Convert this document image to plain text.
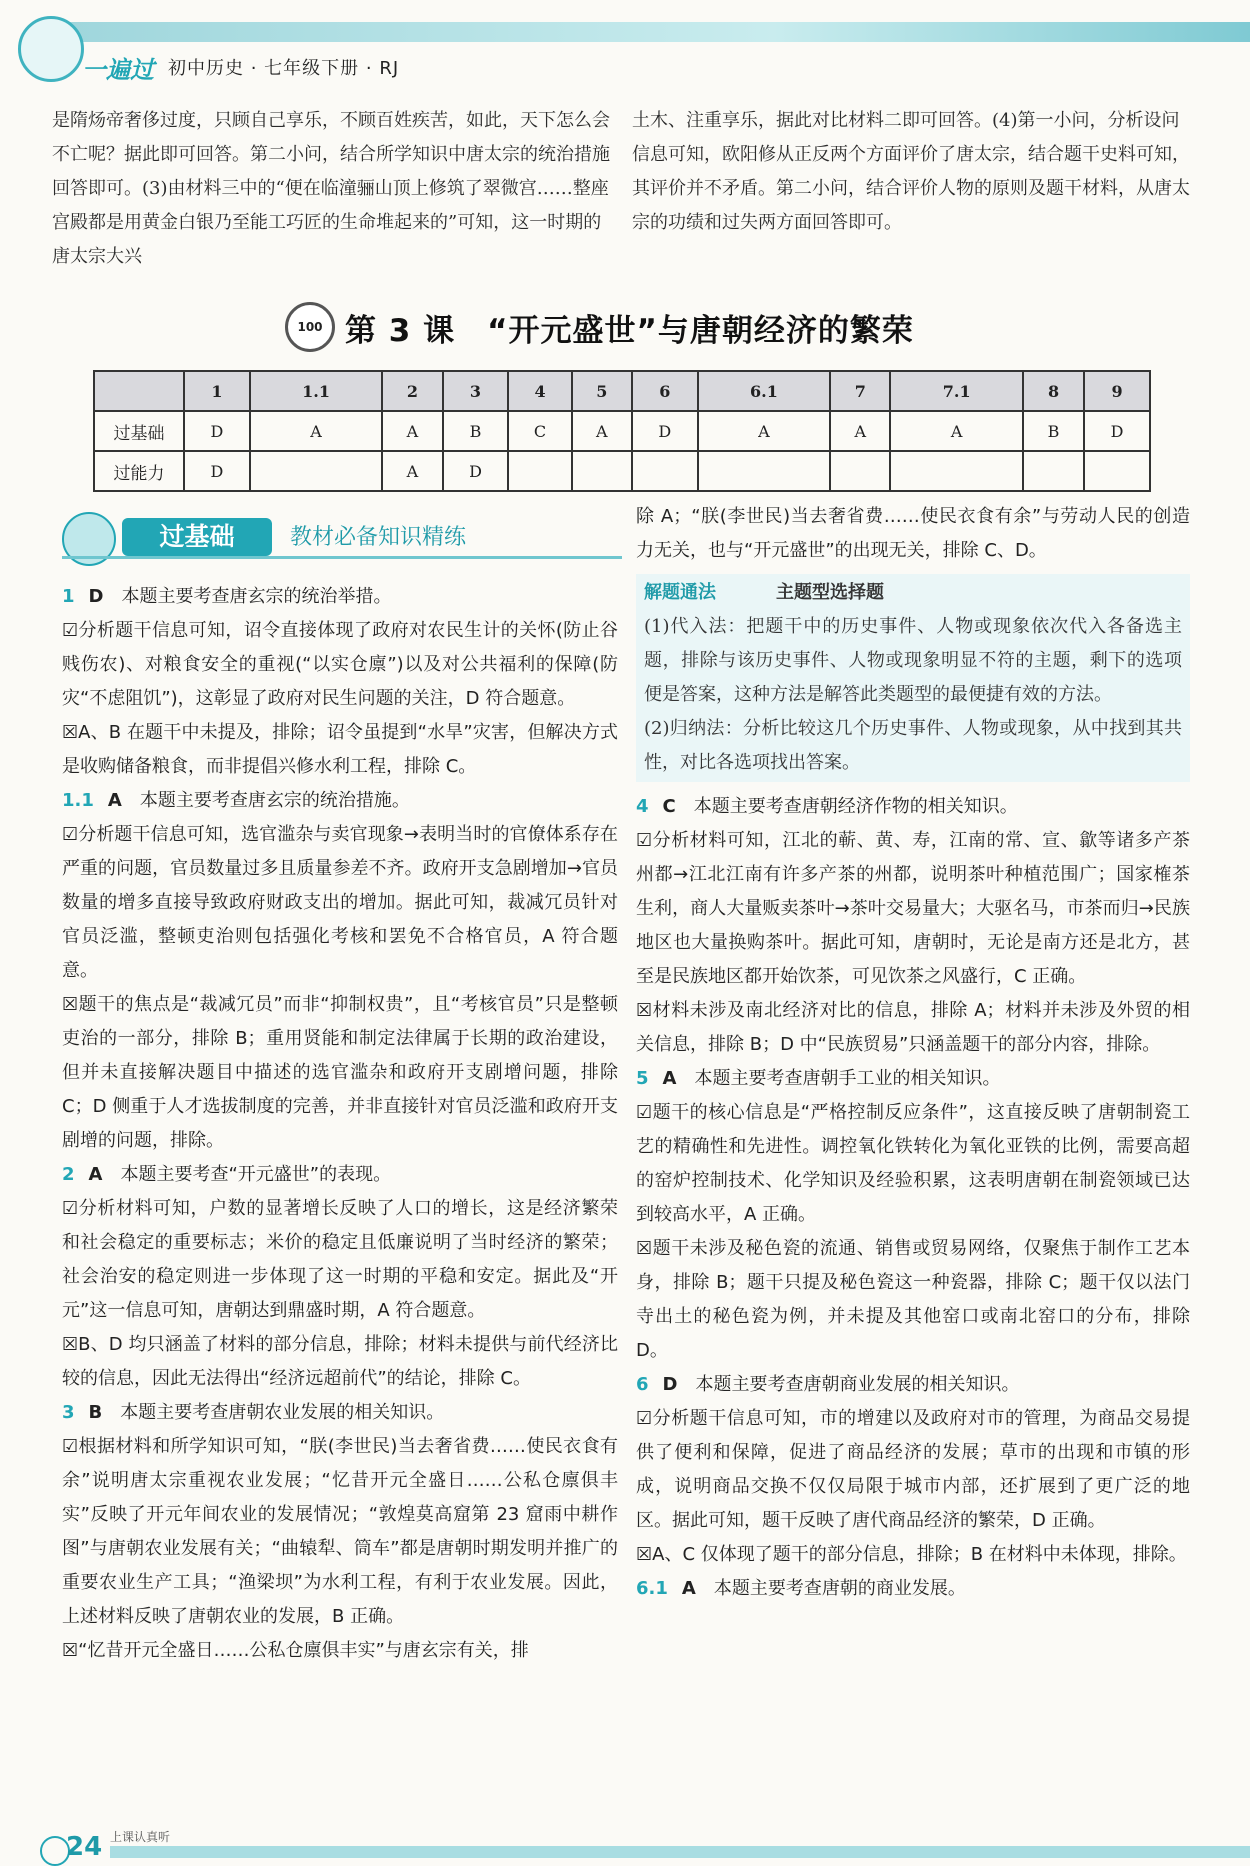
一遍过 初中历史 · 七年级下册 · RJ
是隋炀帝奢侈过度，只顾自己享乐，不顾百姓疾苦，如此，天下怎么会不亡呢？据此即可回答。第二小问，结合所学知识中唐太宗的统治措施回答即可。(3)由材料三中的“便在临潼骊山顶上修筑了翠微宫……整座宫殿都是用黄金白银乃至能工巧匠的生命堆起来的”可知，这一时期的唐太宗大兴
土木、注重享乐，据此对比材料二即可回答。(4)第一小问，分析设问信息可知，欧阳修从正反两个方面评价了唐太宗，结合题干史料可知，其评价并不矛盾。第二小问，结合评价人物的原则及题干材料，从唐太宗的功绩和过失两方面回答即可。
100 第 3 课　“开元盛世”与唐朝经济的繁荣
	1	1.1	2	3	4	5	6	6.1	7	7.1	8	9
过基础	D	A	A	B	C	A	D	A	A	A	B	D
过能力	D		A	D								
过基础	教材必备知识精练

1 D 本题主要考查唐玄宗的统治举措。

☑分析题干信息可知，诏令直接体现了政府对农民生计的关怀(防止谷贱伤农)、对粮食安全的重视(“以实仓廪”)以及对公共福利的保障(防灾“不虑阻饥”)，这彰显了政府对民生问题的关注，D 符合题意。

☒A、B 在题干中未提及，排除；诏令虽提到“水旱”灾害，但解决方式是收购储备粮食，而非提倡兴修水利工程，排除 C。

1.1 A 本题主要考查唐玄宗的统治措施。

☑分析题干信息可知，选官滥杂与卖官现象→表明当时的官僚体系存在严重的问题，官员数量过多且质量参差不齐。政府开支急剧增加→官员数量的增多直接导致政府财政支出的增加。据此可知，裁减冗员针对官员泛滥，整顿吏治则包括强化考核和罢免不合格官员，A 符合题意。

☒题干的焦点是“裁减冗员”而非“抑制权贵”，且“考核官员”只是整顿吏治的一部分，排除 B；重用贤能和制定法律属于长期的政治建设，但并未直接解决题目中描述的选官滥杂和政府开支剧增问题，排除 C；D 侧重于人才选拔制度的完善，并非直接针对官员泛滥和政府开支剧增的问题，排除。

2 A 本题主要考查“开元盛世”的表现。

☑分析材料可知，户数的显著增长反映了人口的增长，这是经济繁荣和社会稳定的重要标志；米价的稳定且低廉说明了当时经济的繁荣；社会治安的稳定则进一步体现了这一时期的平稳和安定。据此及“开元”这一信息可知，唐朝达到鼎盛时期，A 符合题意。

☒B、D 均只涵盖了材料的部分信息，排除；材料未提供与前代经济比较的信息，因此无法得出“经济远超前代”的结论，排除 C。

3 B 本题主要考查唐朝农业发展的相关知识。

☑根据材料和所学知识可知，“朕(李世民)当去奢省费……使民衣食有余”说明唐太宗重视农业发展；“忆昔开元全盛日……公私仓廪俱丰实”反映了开元年间农业的发展情况；“敦煌莫高窟第 23 窟雨中耕作图”与唐朝农业发展有关；“曲辕犁、筒车”都是唐朝时期发明并推广的重要农业生产工具；“渔梁坝”为水利工程，有利于农业发展。因此，上述材料反映了唐朝农业的发展，B 正确。

☒“忆昔开元全盛日……公私仓廪俱丰实”与唐玄宗有关，排

除 A；“朕(李世民)当去奢省费……使民衣食有余”与劳动人民的创造力无关，也与“开元盛世”的出现无关，排除 C、D。

解题通法	主题型选择题

(1)代入法：把题干中的历史事件、人物或现象依次代入各备选主题，排除与该历史事件、人物或现象明显不符的主题，剩下的选项便是答案，这种方法是解答此类题型的最便捷有效的方法。

(2)归纳法：分析比较这几个历史事件、人物或现象，从中找到其共性，对比各选项找出答案。

4 C 本题主要考查唐朝经济作物的相关知识。

☑分析材料可知，江北的蕲、黄、寿，江南的常、宣、歙等诸多产茶州都→江北江南有许多产茶的州都，说明茶叶种植范围广；国家榷茶生利，商人大量贩卖茶叶→茶叶交易量大；大驱名马，市茶而归→民族地区也大量换购茶叶。据此可知，唐朝时，无论是南方还是北方，甚至是民族地区都开始饮茶，可见饮茶之风盛行，C 正确。

☒材料未涉及南北经济对比的信息，排除 A；材料并未涉及外贸的相关信息，排除 B；D 中“民族贸易”只涵盖题干的部分内容，排除。

5 A 本题主要考查唐朝手工业的相关知识。

☑题干的核心信息是“严格控制反应条件”，这直接反映了唐朝制瓷工艺的精确性和先进性。调控氧化铁转化为氧化亚铁的比例，需要高超的窑炉控制技术、化学知识及经验积累，这表明唐朝在制瓷领域已达到较高水平，A 正确。

☒题干未涉及秘色瓷的流通、销售或贸易网络，仅聚焦于制作工艺本身，排除 B；题干只提及秘色瓷这一种瓷器，排除 C；题干仅以法门寺出土的秘色瓷为例，并未提及其他窑口或南北窑口的分布，排除 D。

6 D 本题主要考查唐朝商业发展的相关知识。

☑分析题干信息可知，市的增建以及政府对市的管理，为商品交易提供了便利和保障，促进了商品经济的发展；草市的出现和市镇的形成，说明商品交换不仅仅局限于城市内部，还扩展到了更广泛的地区。据此可知，题干反映了唐代商品经济的繁荣，D 正确。

☒A、C 仅体现了题干的部分信息，排除；B 在材料中未体现，排除。

6.1 A 本题主要考查唐朝的商业发展。

24 上课认真听
